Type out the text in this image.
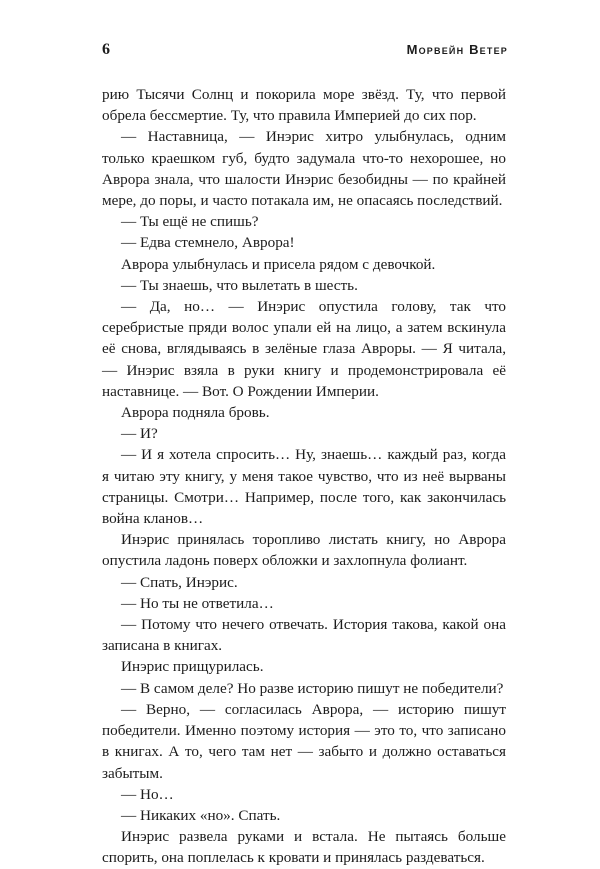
6	Морвейн Ветер

рию Тысячи Солнц и покорила море звёзд. Ту, что первой обрела бессмертие. Ту, что правила Империей до сих пор.

— Наставница, — Инэрис хитро улыбнулась, одним только краешком губ, будто задумала что-то нехорошее, но Аврора знала, что шалости Инэрис безобидны — по крайней мере, до поры, и часто потакала им, не опасаясь последствий.

— Ты ещё не спишь?

— Едва стемнело, Аврора!

Аврора улыбнулась и присела рядом с девочкой.

— Ты знаешь, что вылетать в шесть.

— Да, но… — Инэрис опустила голову, так что серебристые пряди волос упали ей на лицо, а затем вскинула её снова, вглядываясь в зелёные глаза Авроры. — Я читала, — Инэрис взяла в руки книгу и продемонстрировала её наставнице. — Вот. О Рождении Империи.

Аврора подняла бровь.

— И?

— И я хотела спросить… Ну, знаешь… каждый раз, когда я читаю эту книгу, у меня такое чувство, что из неё вырваны страницы. Смотри… Например, после того, как закончилась война кланов…

Инэрис принялась торопливо листать книгу, но Аврора опустила ладонь поверх обложки и захлопнула фолиант.

— Спать, Инэрис.

— Но ты не ответила…

— Потому что нечего отвечать. История такова, какой она записана в книгах.

Инэрис прищурилась.

— В самом деле? Но разве историю пишут не победители?

— Верно, — согласилась Аврора, — историю пишут победители. Именно поэтому история — это то, что записано в книгах. А то, чего там нет — забыто и должно оставаться забытым.

— Но…

— Никаких «но». Спать.

Инэрис развела руками и встала. Не пытаясь больше спорить, она поплелась к кровати и принялась раздеваться.
